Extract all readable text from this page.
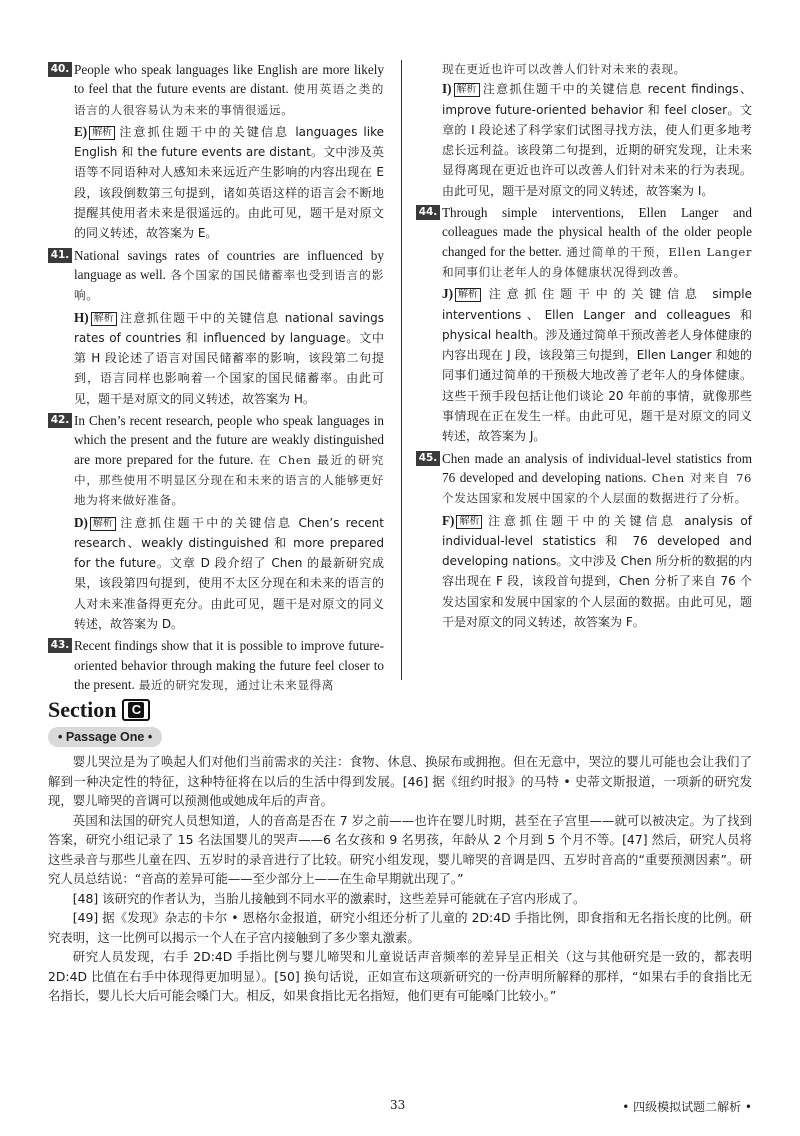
40. People who speak languages like English are more likely to feel that the future events are distant. 使用英语之类的语言的人很容易认为未来的事情很遥远。
E) 解析 注意抓住题干中的关键信息 languages like English 和 the future events are distant。文中涉及英语等不同语种对人感知未来远近产生影响的内容出现在 E 段，该段倒数第三句提到，诸如英语这样的语言会不断地提醒其使用者未来是很遥远的。由此可见，题干是对原文的同义转述，故答案为 E。
41. National savings rates of countries are influenced by language as well. 各个国家的国民储蓄率也受到语言的影响。
H) 解析 注意抓住题干中的关键信息 national savings rates of countries 和 influenced by language。文中第 H 段论述了语言对国民储蓄率的影响，该段第二句提到，语言同样也影响着一个国家的国民储蓄率。由此可见，题干是对原文的同义转述，故答案为 H。
42. In Chen’s recent research, people who speak languages in which the present and the future are weakly distinguished are more prepared for the future. 在 Chen 最近的研究中，那些使用不明显区分现在和未来的语言的人能够更好地为将来做好准备。
D) 解析 注意抓住题干中的关键信息 Chen’s recent research、weakly distinguished 和 more prepared for the future。文章 D 段介绍了 Chen 的最新研究成果，该段第四句提到，使用不太区分现在和未来的语言的人对未来准备得更充分。由此可见，题干是对原文的同义转述，故答案为 D。
43. Recent findings show that it is possible to improve future-oriented behavior through making the future feel closer to the present. 最近的研究发现，通过让未来显得离
现在更近也许可以改善人们针对未来的表现。
I) 解析 注意抓住题干中的关键信息 recent findings、improve future-oriented behavior 和 feel closer。文章的 I 段论述了科学家们试图寻找方法，使人们更多地考虑长远利益。该段第二句提到，近期的研究发现，让未来显得离现在更近也许可以改善人们针对未来的行为表现。由此可见，题干是对原文的同义转述，故答案为 I。
44. Through simple interventions, Ellen Langer and colleagues made the physical health of the older people changed for the better. 通过简单的干预，Ellen Langer 和同事们让老年人的身体健康状况得到改善。
J) 解析 注意抓住题干中的关键信息 simple interventions、Ellen Langer and colleagues 和 physical health。涉及通过简单干预改善老人身体健康的内容出现在 J 段，该段第三句提到，Ellen Langer 和她的同事们通过简单的干预极大地改善了老年人的身体健康。这些干预手段包括让他们谈论 20 年前的事情，就像那些事情现在正在发生一样。由此可见，题干是对原文的同义转述，故答案为 J。
45. Chen made an analysis of individual-level statistics from 76 developed and developing nations. Chen 对来自 76 个发达国家和发展中国家的个人层面的数据进行了分析。
F) 解析 注意抓住题干中的关键信息 analysis of individual-level statistics 和 76 developed and developing nations。文中涉及 Chen 所分析的数据的内容出现在 F 段，该段首句提到，Chen 分析了来自 76 个发达国家和发展中国家的个人层面的数据。由此可见，题干是对原文的同义转述，故答案为 F。
Section C
• Passage One •

婴儿哭泣是为了唤起人们对他们当前需求的关注：食物、休息、换尿布或拥抱。但在无意中，哭泣的婴儿可能也会让我们了解到一种决定性的特征，这种特征将在以后的生活中得到发展。[46] 据《纽约时报》的马特 • 史蒂文斯报道，一项新的研究发现，婴儿啼哭的音调可以预测他或她成年后的声音。

英国和法国的研究人员想知道，人的音高是否在 7 岁之前——也许在婴儿时期，甚至在子宫里——就可以被决定。为了找到答案，研究小组记录了 15 名法国婴儿的哭声——6 名女孩和 9 名男孩，年龄从 2 个月到 5 个月不等。[47] 然后，研究人员将这些录音与那些儿童在四、五岁时的录音进行了比较。研究小组发现，婴儿啼哭的音调是四、五岁时音高的“重要预测因素”。研究人员总结说：“音高的差异可能——至少部分上——在生命早期就出现了。”

[48] 该研究的作者认为，当胎儿接触到不同水平的激素时，这些差异可能就在子宫内形成了。

[49] 据《发现》杂志的卡尔 • 恩格尔金报道，研究小组还分析了儿童的 2D:4D 手指比例，即食指和无名指长度的比例。研究表明，这一比例可以揭示一个人在子宫内接触到了多少睾丸激素。

研究人员发现，右手 2D:4D 手指比例与婴儿啼哭和儿童说话声音频率的差异呈正相关（这与其他研究是一致的，都表明 2D:4D 比值在右手中体现得更加明显）。[50] 换句话说，正如宣布这项新研究的一份声明所解释的那样，“如果右手的食指比无名指长，婴儿长大后可能会嗓门大。相反，如果食指比无名指短，他们更有可能嗓门比较小。”

33	• 四级模拟试题二解析 •
